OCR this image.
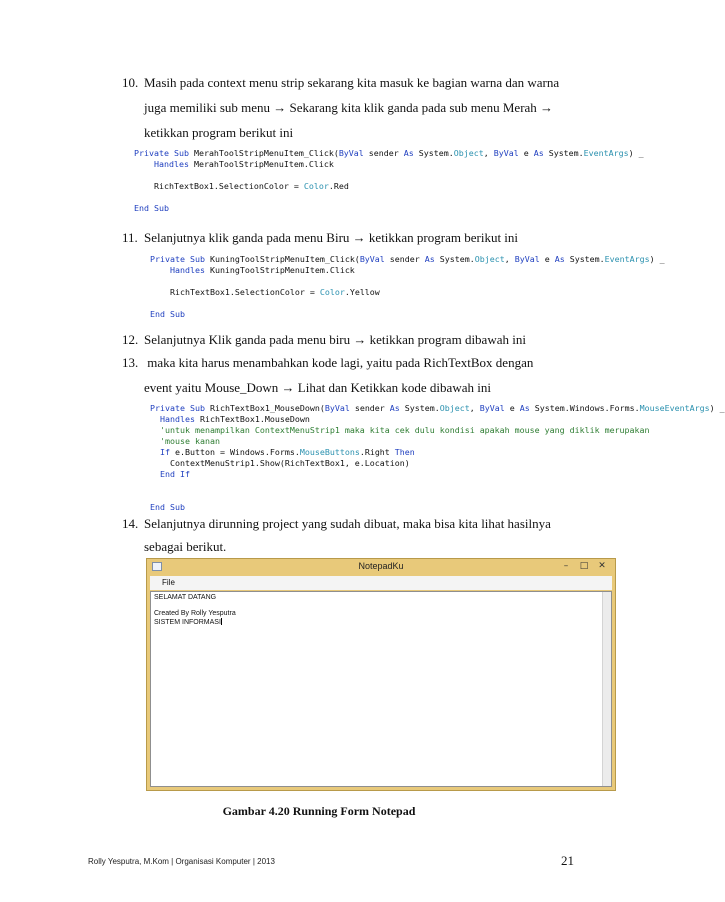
10. Masih pada context menu strip sekarang kita masuk ke bagian warna dan warna
juga memiliki sub menu → Sekarang kita klik ganda pada sub menu Merah →
ketikkan program berikut ini
Private Sub MerahToolStripMenuItem_Click(ByVal sender As System.Object, ByVal e As System.EventArgs) _
Handles MerahToolStripMenuItem.Click

RichTextBox1.SelectionColor = Color.Red

End Sub
11. Selanjutnya klik ganda pada menu Biru → ketikkan program berikut ini
Private Sub KuningToolStripMenuItem_Click(ByVal sender As System.Object, ByVal e As System.EventArgs) _
Handles KuningToolStripMenuItem.Click

RichTextBox1.SelectionColor = Color.Yellow

End Sub
12. Selanjutnya Klik ganda pada menu biru → ketikkan program dibawah ini
13. maka kita harus menambahkan kode lagi, yaitu pada RichTextBox dengan
event yaitu Mouse_Down → Lihat dan Ketikkan kode dibawah ini
Private Sub RichTextBox1_MouseDown(ByVal sender As System.Object, ByVal e As System.Windows.Forms.MouseEventArgs) _
Handles RichTextBox1.MouseDown
'untuk menampilkan ContextMenuStrip1 maka kita cek dulu kondisi apakah mouse yang diklik merupakan
'mouse kanan
If e.Button = Windows.Forms.MouseButtons.Right Then
ContextMenuStrip1.Show(RichTextBox1, e.Location)
End If

End Sub
14. Selanjutnya dirunning project yang sudah dibuat, maka bisa kita lihat hasilnya
sebagai berikut.
NotepadKu	–	□	✕
File
SELAMAT DATANG
Created By Rolly Yesputra
SISTEM INFORMASI
Gambar 4.20 Running Form Notepad
Rolly Yesputra, M.Kom | Organisasi Komputer | 2013	21
